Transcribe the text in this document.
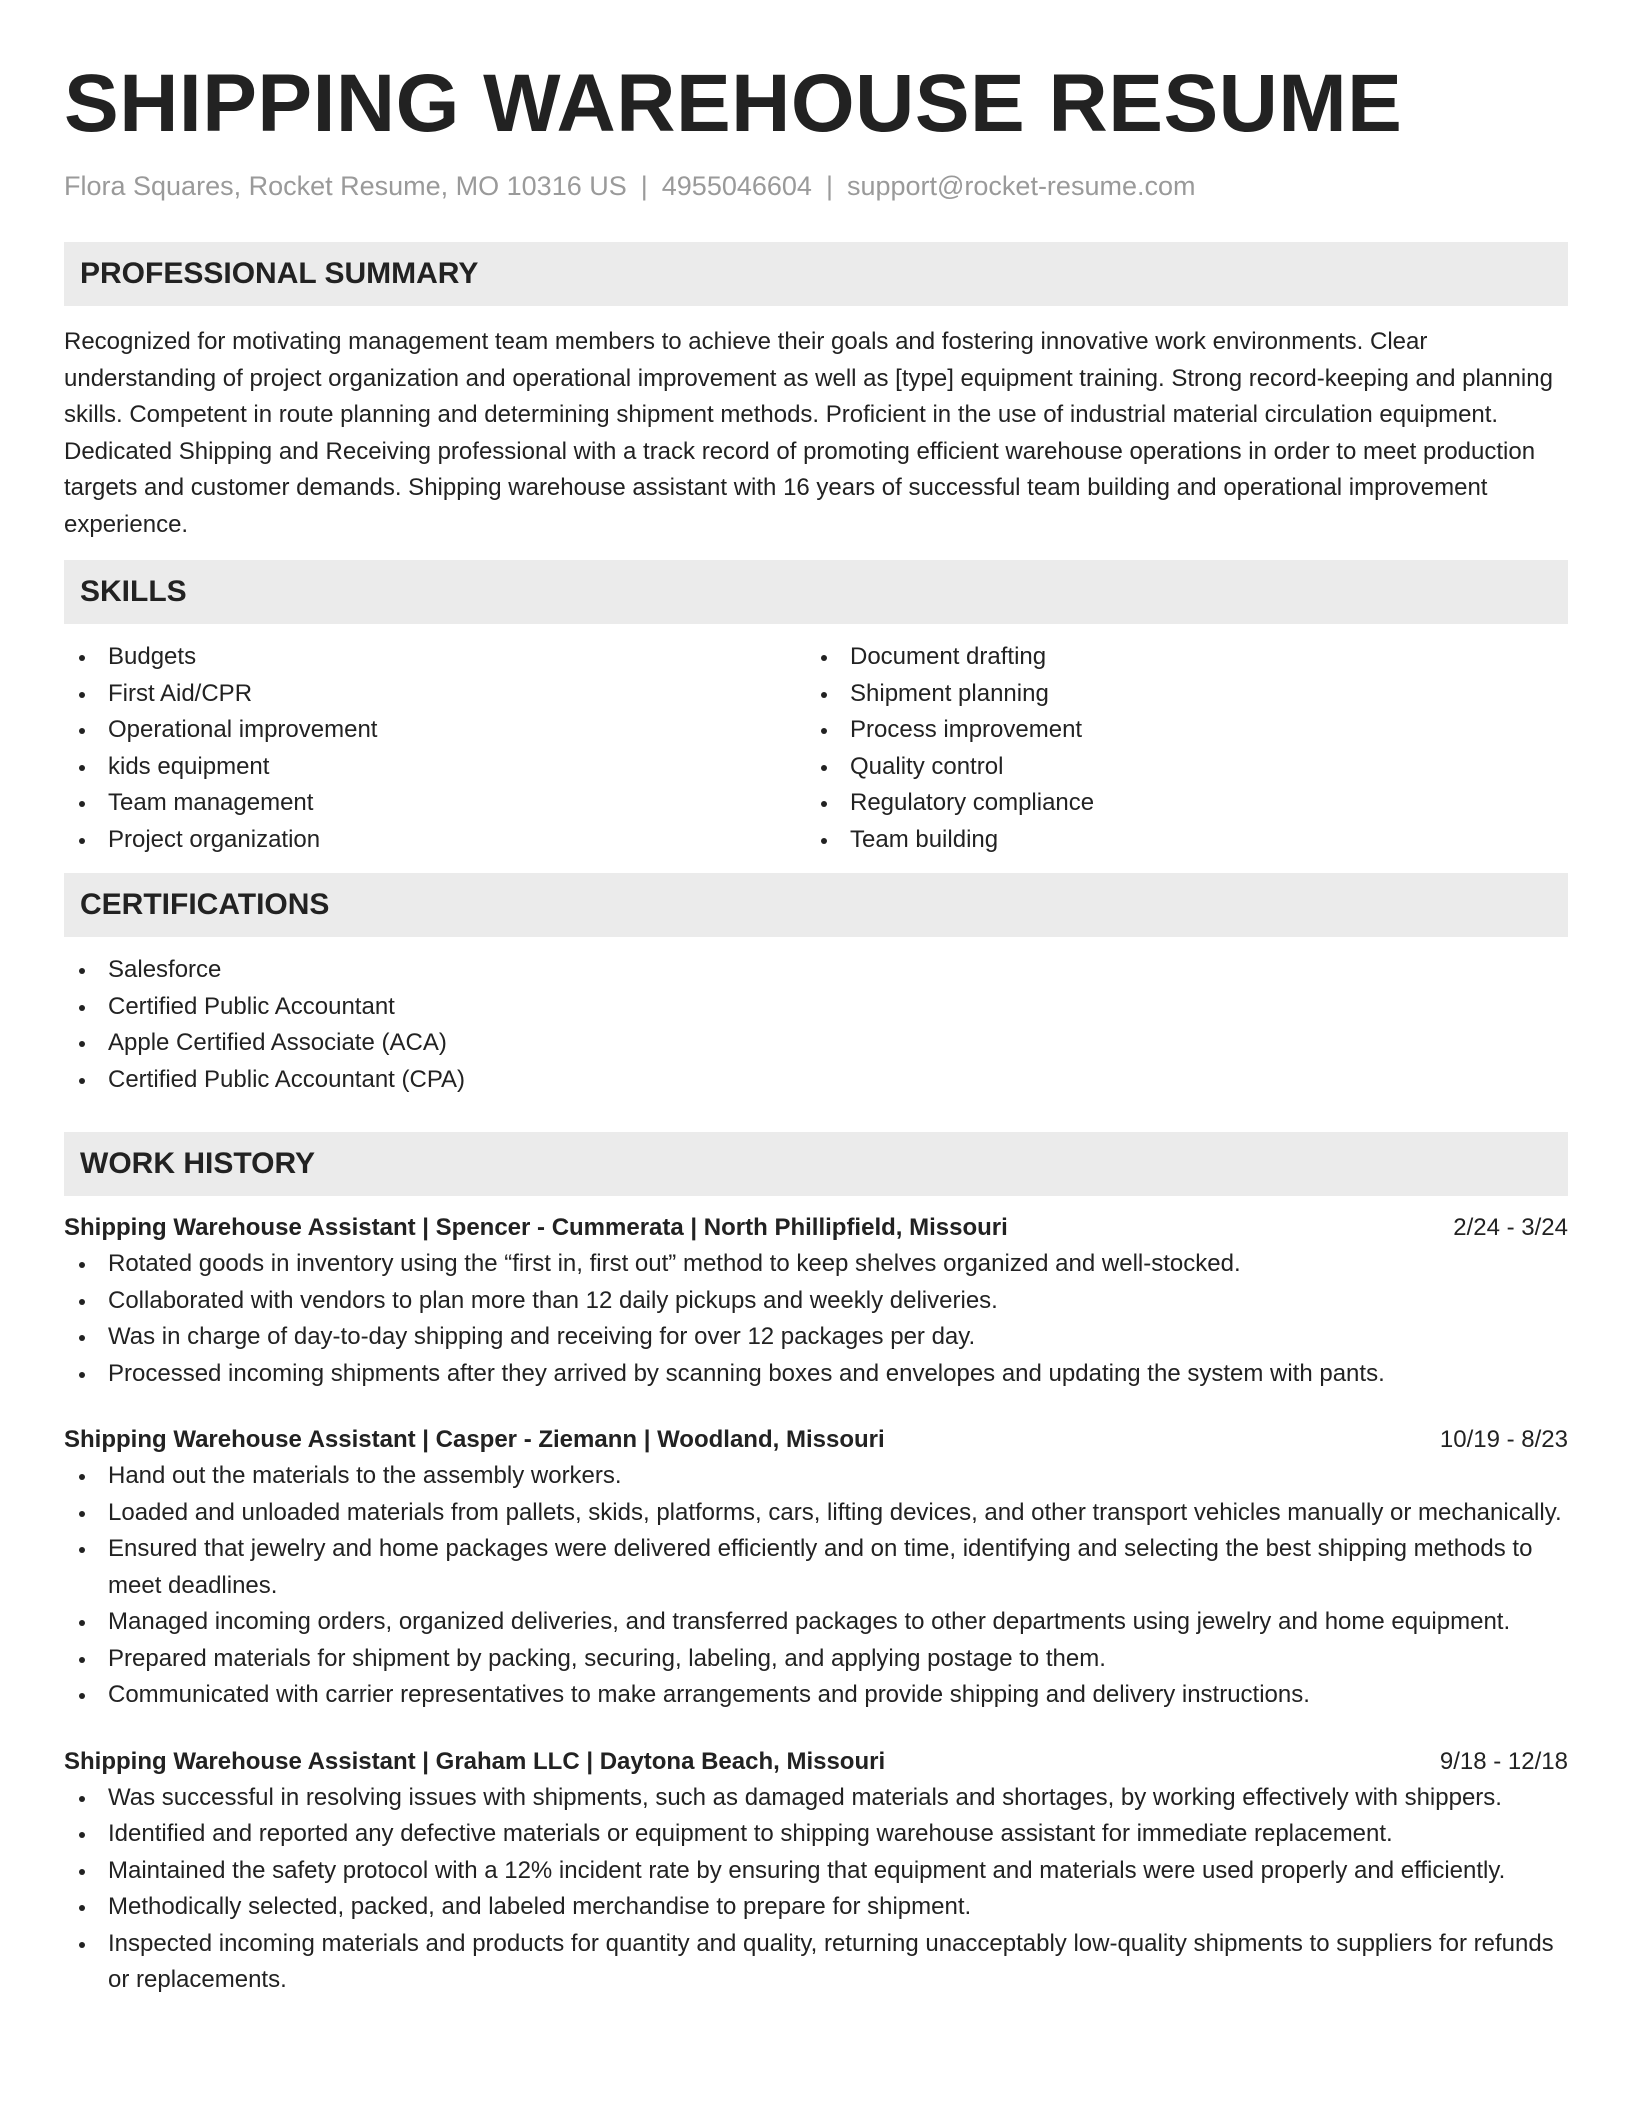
SHIPPING WAREHOUSE RESUME
Flora Squares, Rocket Resume, MO 10316 US | 4955046604 | support@rocket-resume.com
PROFESSIONAL SUMMARY

Recognized for motivating management team members to achieve their goals and fostering innovative work environments. Clear understanding of project organization and operational improvement as well as [type] equipment training. Strong record-keeping and planning skills. Competent in route planning and determining shipment methods. Proficient in the use of industrial material circulation equipment. Dedicated Shipping and Receiving professional with a track record of promoting efficient warehouse operations in order to meet production targets and customer demands. Shipping warehouse assistant with 16 years of successful team building and operational improvement experience.

SKILLS
Budgets
First Aid/CPR
Operational improvement
kids equipment
Team management
Project organization
Document drafting
Shipment planning
Process improvement
Quality control
Regulatory compliance
Team building
CERTIFICATIONS
Salesforce
Certified Public Accountant
Apple Certified Associate (ACA)
Certified Public Accountant (CPA)
WORK HISTORY
Shipping Warehouse Assistant | Spencer - Cummerata | North Phillipfield, Missouri	2/24 - 3/24
Rotated goods in inventory using the “first in, first out” method to keep shelves organized and well-stocked.
Collaborated with vendors to plan more than 12 daily pickups and weekly deliveries.
Was in charge of day-to-day shipping and receiving for over 12 packages per day.
Processed incoming shipments after they arrived by scanning boxes and envelopes and updating the system with pants.
Shipping Warehouse Assistant | Casper - Ziemann | Woodland, Missouri	10/19 - 8/23
Hand out the materials to the assembly workers.
Loaded and unloaded materials from pallets, skids, platforms, cars, lifting devices, and other transport vehicles manually or mechanically.
Ensured that jewelry and home packages were delivered efficiently and on time, identifying and selecting the best shipping methods to meet deadlines.
Managed incoming orders, organized deliveries, and transferred packages to other departments using jewelry and home equipment.
Prepared materials for shipment by packing, securing, labeling, and applying postage to them.
Communicated with carrier representatives to make arrangements and provide shipping and delivery instructions.
Shipping Warehouse Assistant | Graham LLC | Daytona Beach, Missouri	9/18 - 12/18
Was successful in resolving issues with shipments, such as damaged materials and shortages, by working effectively with shippers.
Identified and reported any defective materials or equipment to shipping warehouse assistant for immediate replacement.
Maintained the safety protocol with a 12% incident rate by ensuring that equipment and materials were used properly and efficiently.
Methodically selected, packed, and labeled merchandise to prepare for shipment.
Inspected incoming materials and products for quantity and quality, returning unacceptably low-quality shipments to suppliers for refunds or replacements.
